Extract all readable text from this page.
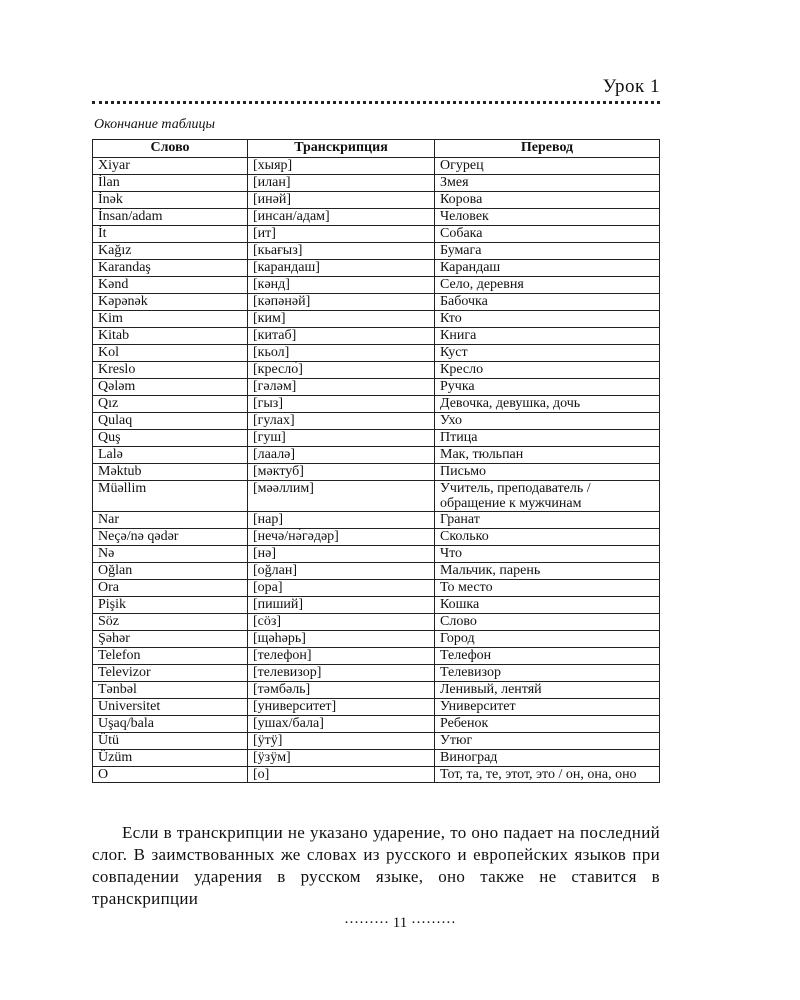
Урок 1
Окончание таблицы
Слово	Транскрипция	Перевод
Xiyar	[хыяр]	Огурец
İlan	[илан]	Змея
İnək	[инәй]	Корова
İnsan/adam	[инсан/адам]	Человек
İt	[ит]	Собака
Kağız	[кьағыз]	Бумага
Karandaş	[карандаш]	Карандаш
Kənd	[кәнд]	Село, деревня
Kəpənək	[кәпәнәй]	Бабочка
Kim	[ким]	Кто
Kitab	[китаб]	Книга
Kol	[кьол]	Куст
Kreslo	[кресло́]	Кресло
Qələm	[гәләм]	Ручка
Qız	[гыз]	Девочка, девушка, дочь
Qulaq	[гулах]	Ухо
Quş	[гуш]	Птица
Lalə	[лаалә]	Мак, тюльпан
Məktub	[мәктуб]	Письмо
Müəllim	[мәәллим]	Учитель, преподаватель / обращение к мужчинам
Nar	[нар]	Гранат
Neçə/nə qədər	[нечә/нә́гәдәр]	Сколько
Nə	[нә]	Что
Oğlan	[oğлан]	Мальчик, парень
Ora	[ора]	То место
Pişik	[пиший]	Кошка
Söz	[сöз]	Слово
Şəhər	[щәhәрь]	Город
Telefon	[телефон]	Телефон
Televizor	[телевизор]	Телевизор
Tənbəl	[тәмбәль]	Ленивый, лентяй
Universitet	[университет]	Университет
Uşaq/bala	[ушах/бала]	Ребенок
Ütü	[ÿтÿ]	Утюг
Üzüm	[ÿзÿм]	Виноград
O	[o]	Тот, та, те, этот, это / он, она, оно
Если в транскрипции не указано ударение, то оно падает на последний слог. В заимствованных же словах из русского и европейских языков при совпадении ударения в русском языке, оно также не ставится в транскрипции
········· 11 ·········
